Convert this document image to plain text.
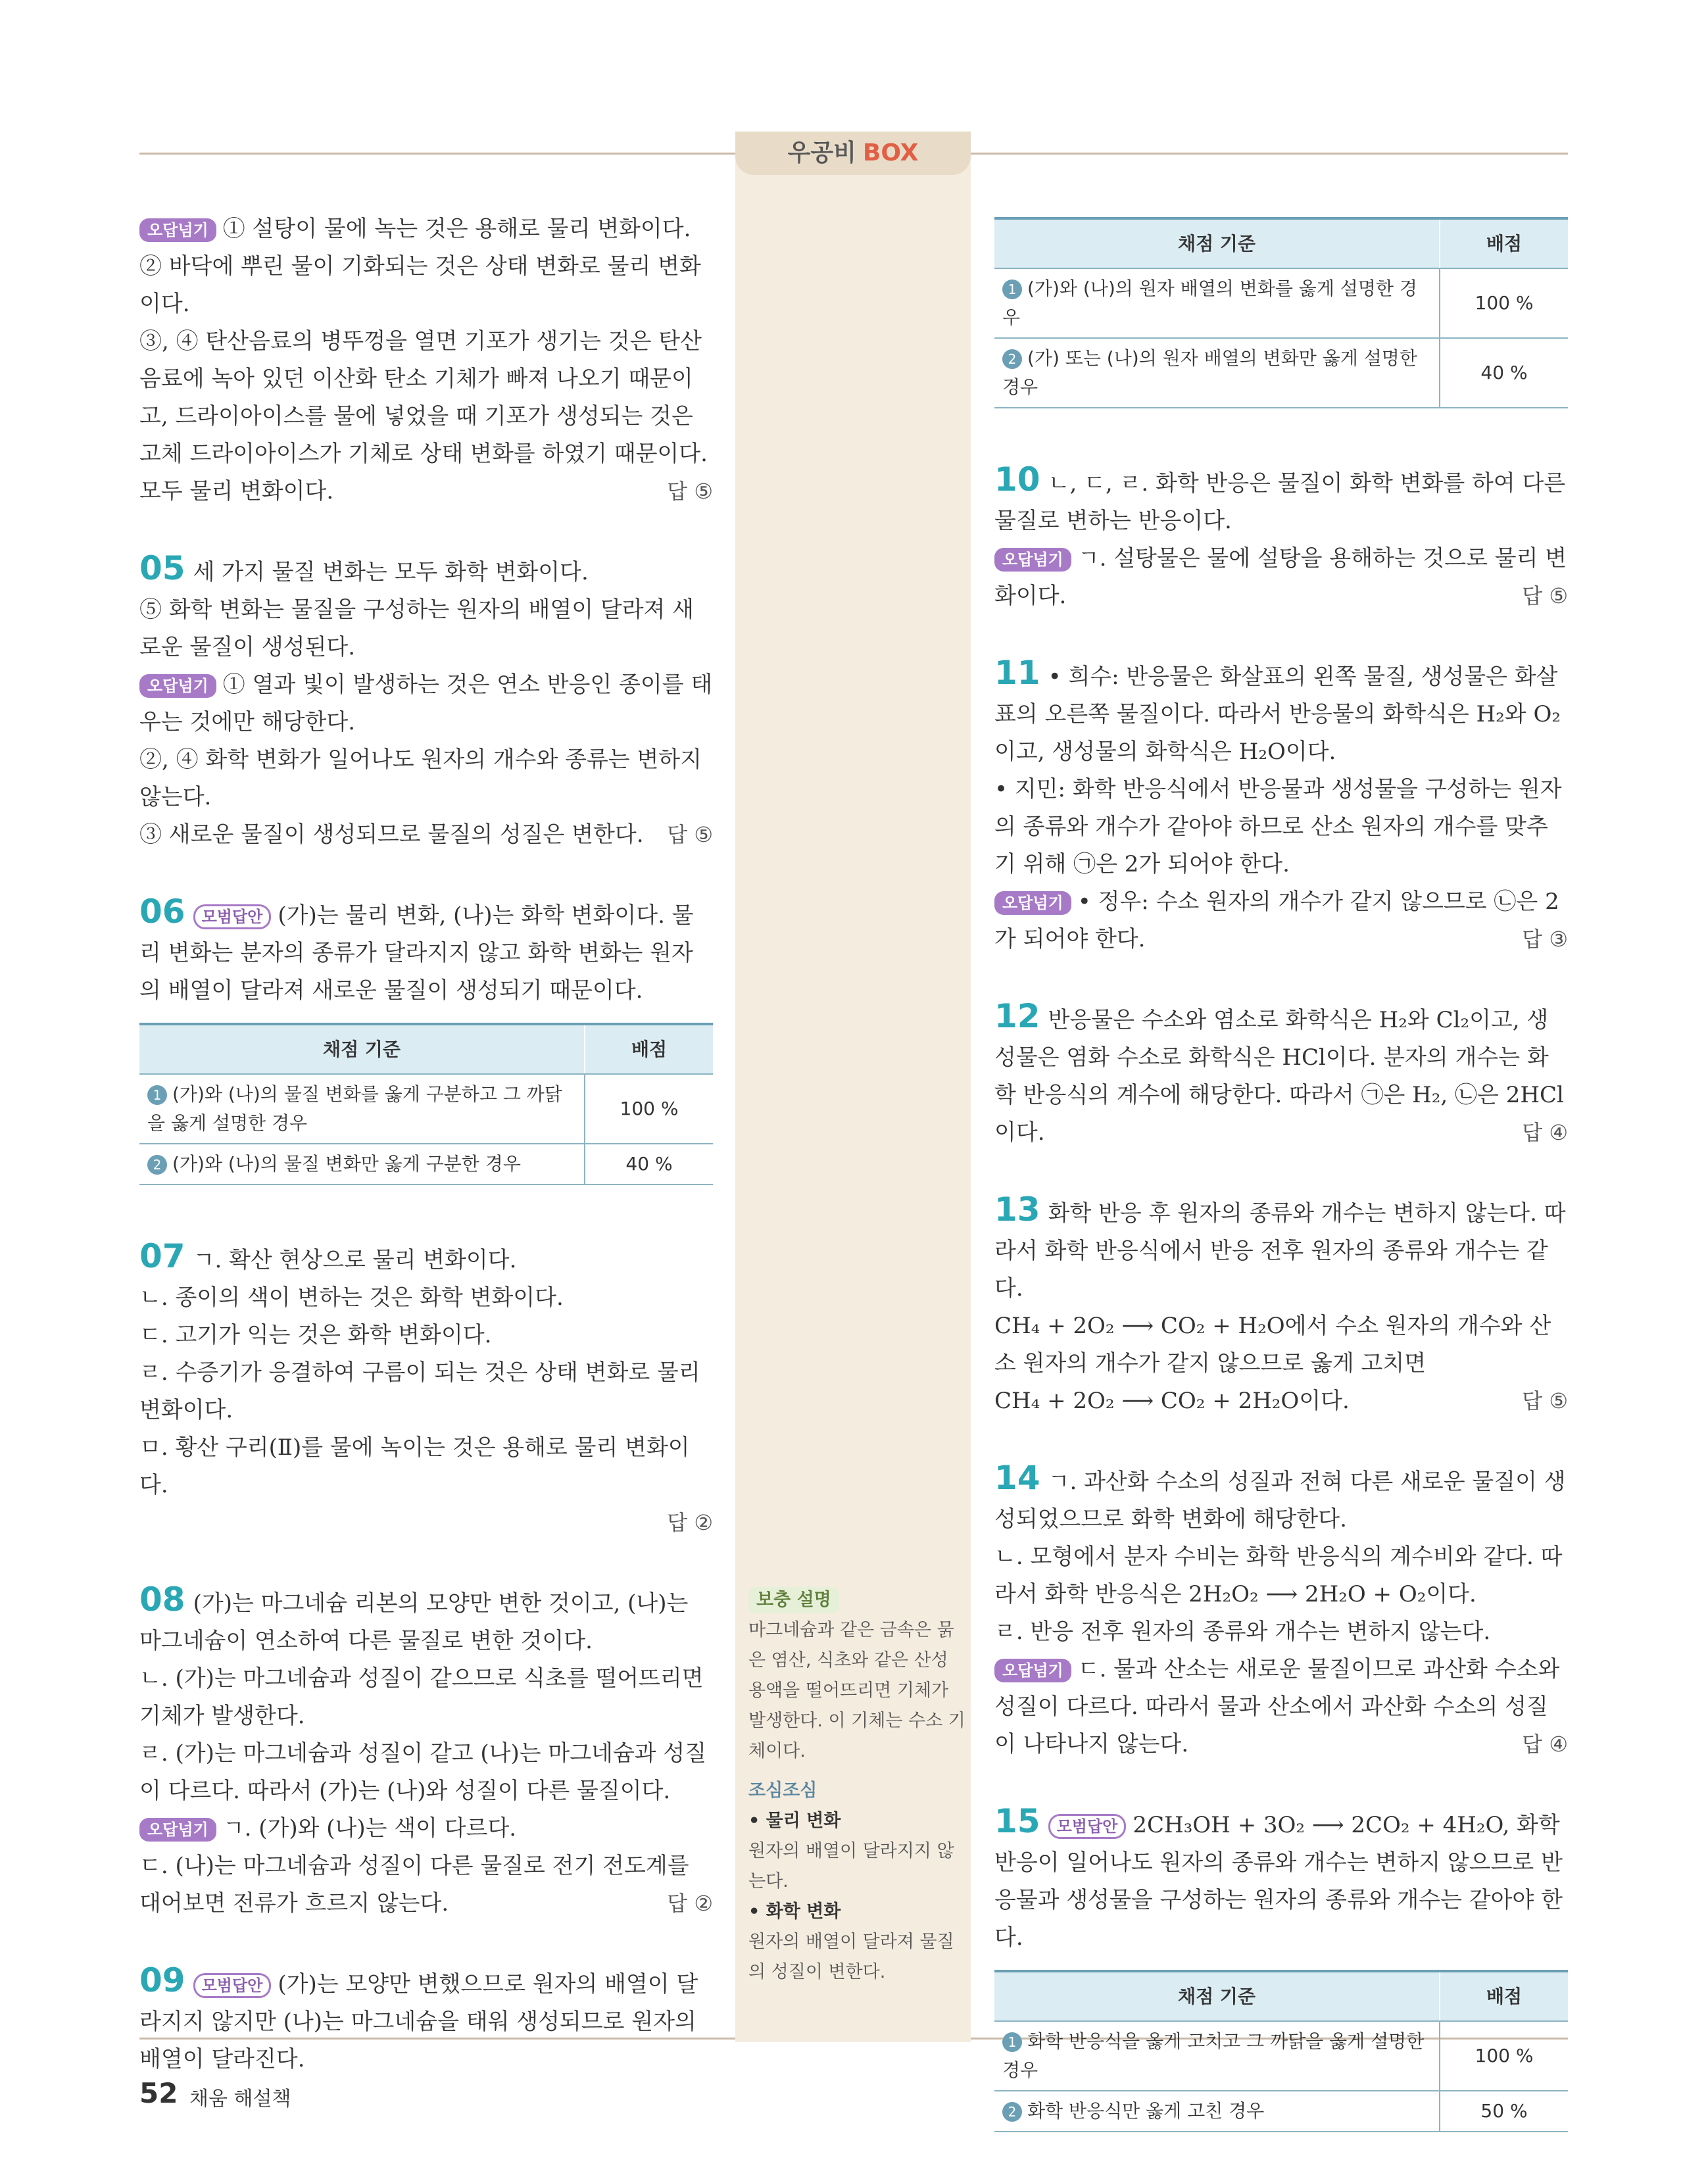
우공비 BOX

오답넘기 ① 설탕이 물에 녹는 것은 용해로 물리 변화이다.

② 바닥에 뿌린 물이 기화되는 것은 상태 변화로 물리 변화이다.

③, ④ 탄산음료의 병뚜껑을 열면 기포가 생기는 것은 탄산음료에 녹아 있던 이산화 탄소 기체가 빠져 나오기 때문이고, 드라이아이스를 물에 넣었을 때 기포가 생성되는 것은 고체 드라이아이스가 기체로 상태 변화를 하였기 때문이다. 모두 물리 변화이다.	답 ⑤

05 세 가지 물질 변화는 모두 화학 변화이다.

⑤ 화학 변화는 물질을 구성하는 원자의 배열이 달라져 새로운 물질이 생성된다.

오답넘기 ① 열과 빛이 발생하는 것은 연소 반응인 종이를 태우는 것에만 해당한다.

②, ④ 화학 변화가 일어나도 원자의 개수와 종류는 변하지 않는다.

③ 새로운 물질이 생성되므로 물질의 성질은 변한다. 답 ⑤

06 모범답안 (가)는 물리 변화, (나)는 화학 변화이다. 물리 변화는 분자의 종류가 달라지지 않고 화학 변화는 원자의 배열이 달라져 새로운 물질이 생성되기 때문이다.

채점 기준	배점
1 (가)와 (나)의 물질 변화를 옳게 구분하고 그 까닭을 옳게 설명한 경우	100 %
2 (가)와 (나)의 물질 변화만 옳게 구분한 경우	40 %

07 ㄱ. 확산 현상으로 물리 변화이다.

ㄴ. 종이의 색이 변하는 것은 화학 변화이다.

ㄷ. 고기가 익는 것은 화학 변화이다.

ㄹ. 수증기가 응결하여 구름이 되는 것은 상태 변화로 물리 변화이다.

ㅁ. 황산 구리(Ⅱ)를 물에 녹이는 것은 용해로 물리 변화이다.

답 ②

08 (가)는 마그네슘 리본의 모양만 변한 것이고, (나)는 마그네슘이 연소하여 다른 물질로 변한 것이다.

ㄴ. (가)는 마그네슘과 성질이 같으므로 식초를 떨어뜨리면 기체가 발생한다.

ㄹ. (가)는 마그네슘과 성질이 같고 (나)는 마그네슘과 성질이 다르다. 따라서 (가)는 (나)와 성질이 다른 물질이다.

오답넘기 ㄱ. (가)와 (나)는 색이 다르다.

ㄷ. (나)는 마그네슘과 성질이 다른 물질로 전기 전도계를 대어보면 전류가 흐르지 않는다.	답 ②

09 모범답안 (가)는 모양만 변했으므로 원자의 배열이 달라지지 않지만 (나)는 마그네슘을 태워 생성되므로 원자의 배열이 달라진다.

보충 설명
마그네슘과 같은 금속은 묽은 염산, 식초와 같은 산성 용액을 떨어뜨리면 기체가 발생한다. 이 기체는 수소 기체이다.
조심조심
• 물리 변화
원자의 배열이 달라지지 않는다.
• 화학 변화
원자의 배열이 달라져 물질의 성질이 변한다.
채점 기준	배점
1 (가)와 (나)의 원자 배열의 변화를 옳게 설명한 경우	100 %
2 (가) 또는 (나)의 원자 배열의 변화만 옳게 설명한 경우	40 %

10 ㄴ, ㄷ, ㄹ. 화학 반응은 물질이 화학 변화를 하여 다른 물질로 변하는 반응이다.

오답넘기 ㄱ. 설탕물은 물에 설탕을 용해하는 것으로 물리 변화이다.	답 ⑤

11 • 희수: 반응물은 화살표의 왼쪽 물질, 생성물은 화살표의 오른쪽 물질이다. 따라서 반응물의 화학식은 H₂와 O₂이고, 생성물의 화학식은 H₂O이다.

• 지민: 화학 반응식에서 반응물과 생성물을 구성하는 원자의 종류와 개수가 같아야 하므로 산소 원자의 개수를 맞추기 위해 ㉠은 2가 되어야 한다.

오답넘기 • 정우: 수소 원자의 개수가 같지 않으므로 ㉡은 2가 되어야 한다.	답 ③

12 반응물은 수소와 염소로 화학식은 H₂와 Cl₂이고, 생성물은 염화 수소로 화학식은 HCl이다. 분자의 개수는 화학 반응식의 계수에 해당한다. 따라서 ㉠은 H₂, ㉡은 2HCl이다.	답 ④

13 화학 반응 후 원자의 종류와 개수는 변하지 않는다. 따라서 화학 반응식에서 반응 전후 원자의 종류와 개수는 같다.

CH₄ + 2O₂ ⟶ CO₂ + H₂O에서 수소 원자의 개수와 산소 원자의 개수가 같지 않으므로 옳게 고치면

CH₄ + 2O₂ ⟶ CO₂ + 2H₂O이다.	답 ⑤

14 ㄱ. 과산화 수소의 성질과 전혀 다른 새로운 물질이 생성되었으므로 화학 변화에 해당한다.

ㄴ. 모형에서 분자 수비는 화학 반응식의 계수비와 같다. 따라서 화학 반응식은 2H₂O₂ ⟶ 2H₂O + O₂이다.

ㄹ. 반응 전후 원자의 종류와 개수는 변하지 않는다.

오답넘기 ㄷ. 물과 산소는 새로운 물질이므로 과산화 수소와 성질이 다르다. 따라서 물과 산소에서 과산화 수소의 성질이 나타나지 않는다.	답 ④

15 모범답안 2CH₃OH + 3O₂ ⟶ 2CO₂ + 4H₂O, 화학 반응이 일어나도 원자의 종류와 개수는 변하지 않으므로 반응물과 생성물을 구성하는 원자의 종류와 개수는 같아야 한다.

채점 기준	배점
1 화학 반응식을 옳게 고치고 그 까닭을 옳게 설명한 경우	100 %
2 화학 반응식만 옳게 고친 경우	50 %
52 채움 해설책
